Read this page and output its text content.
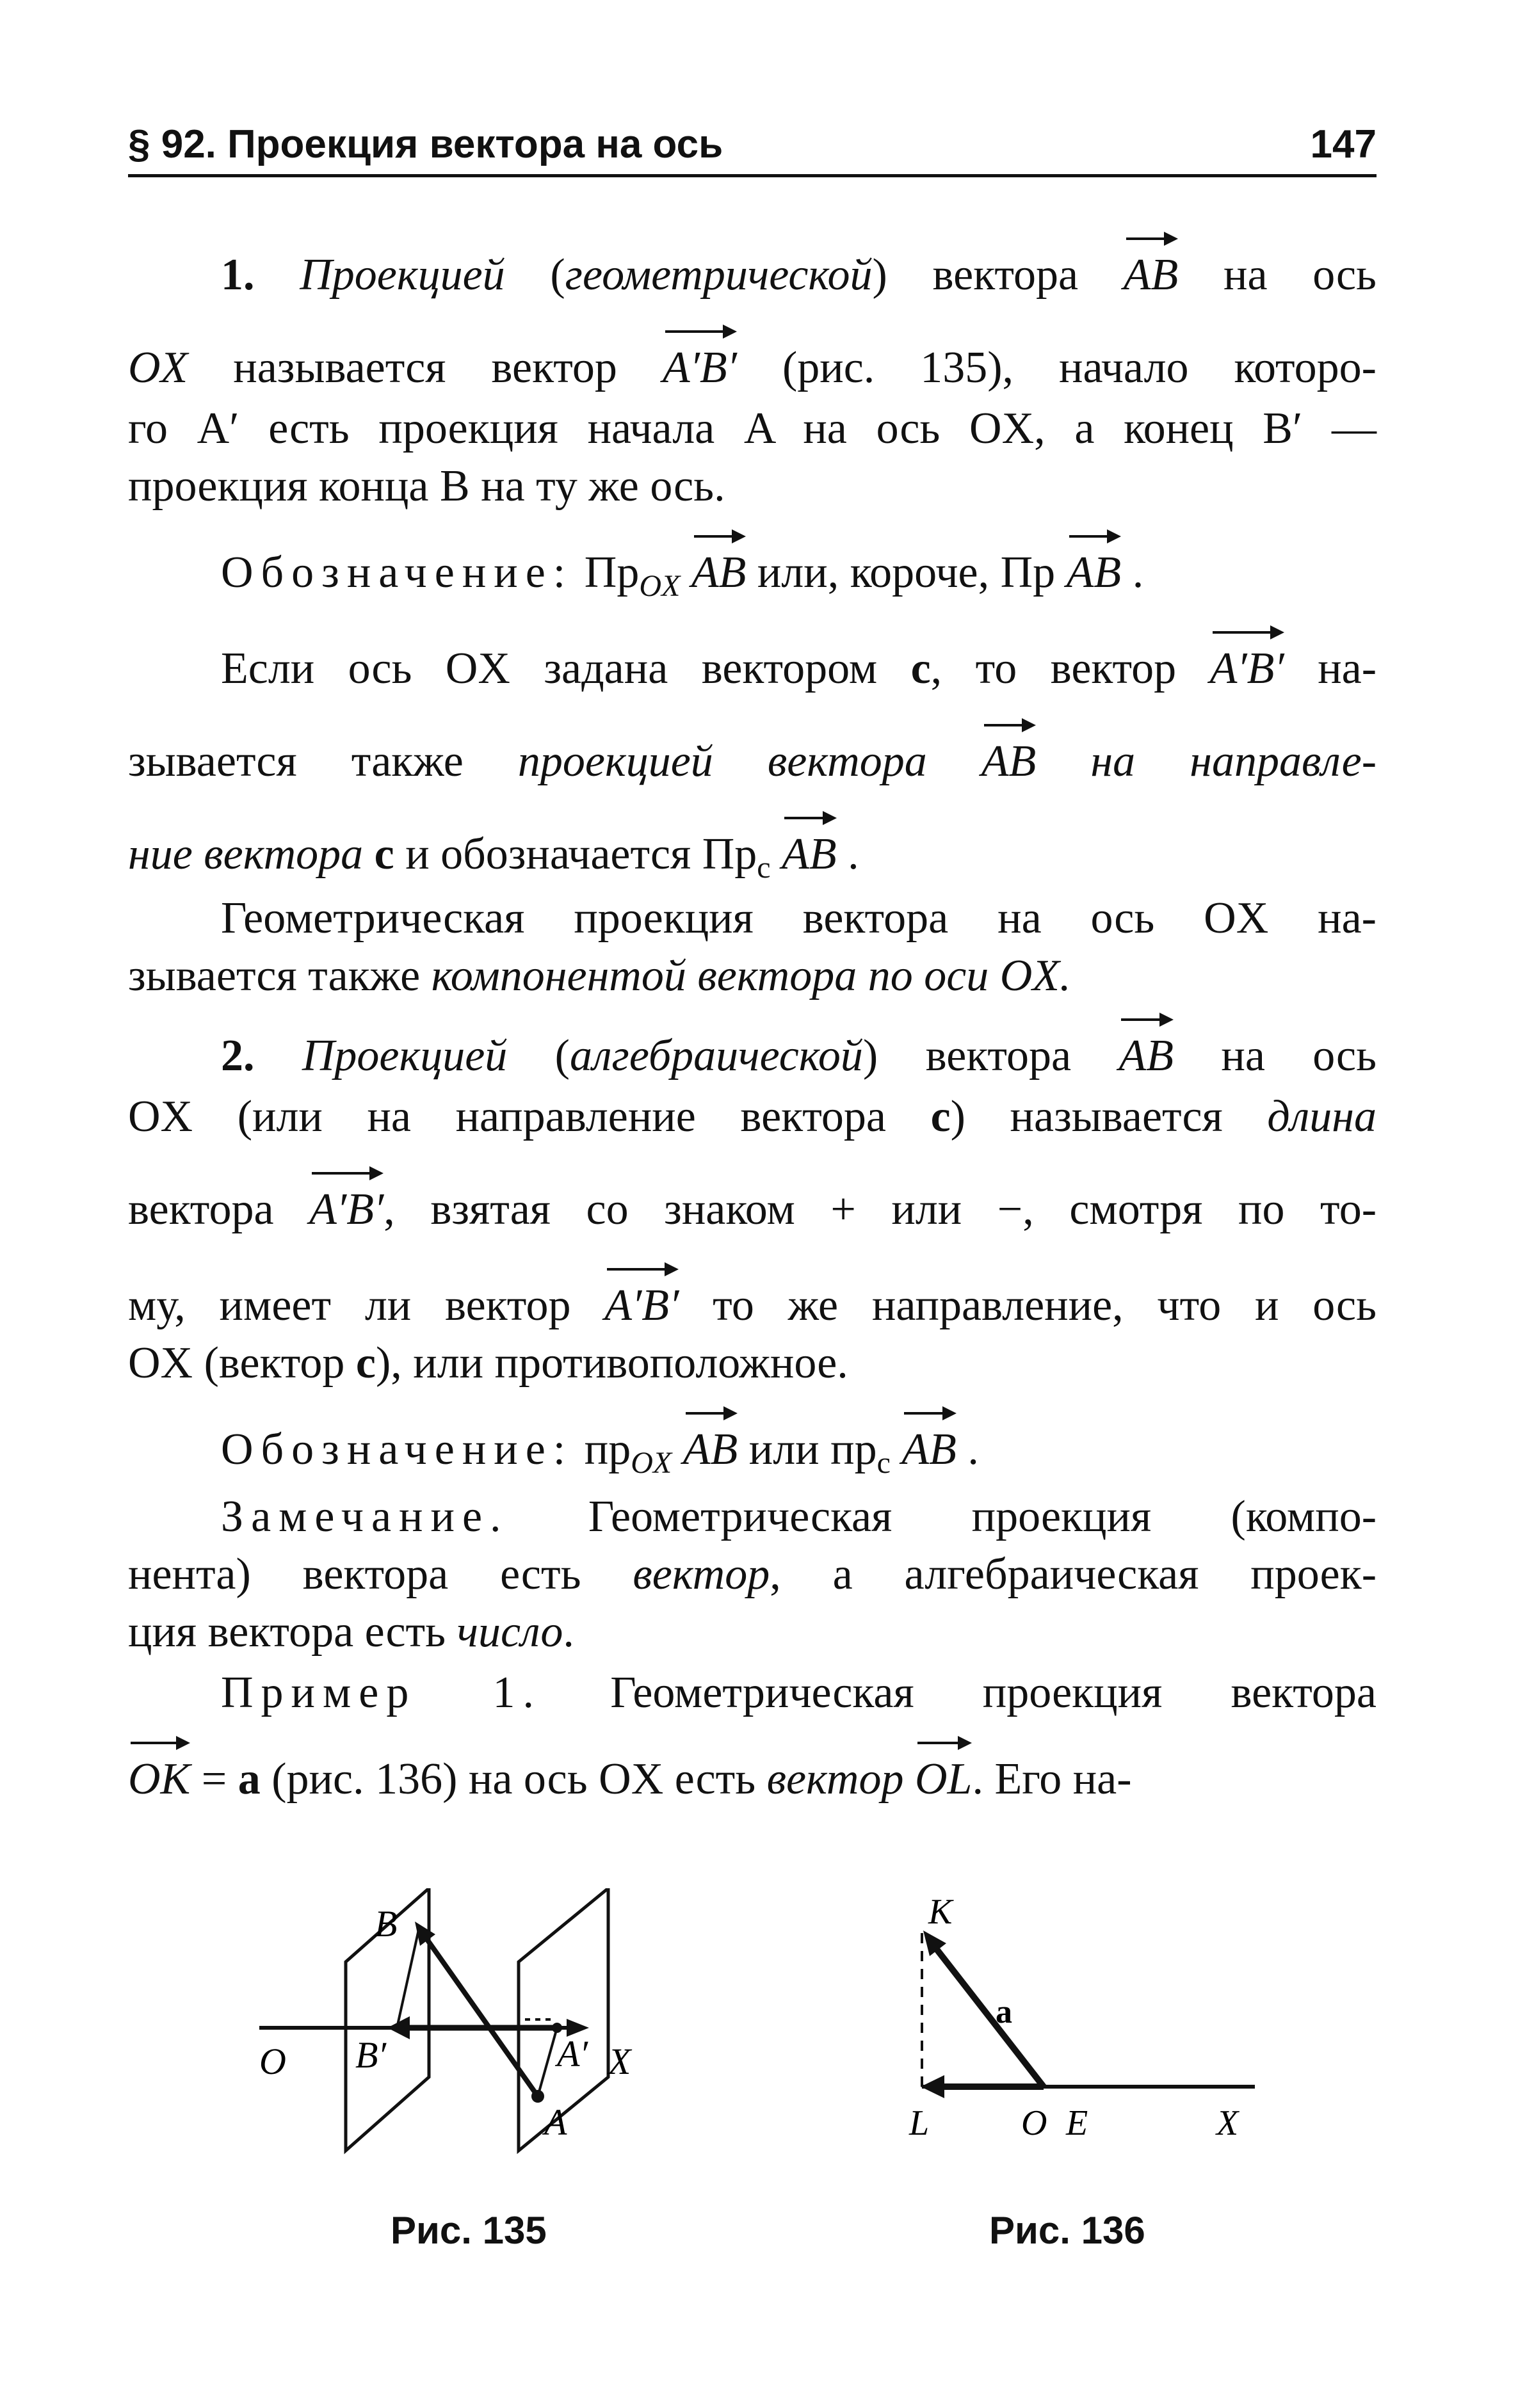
§ 92. Проекция вектора на ось	147
1. Проекцией (геометрической) вектора AB на ось
OX называется вектор A′B′ (рис. 135), начало которо-
го A′ есть проекция начала A на ось OX, а конец B′ —
проекция конца B на ту же ось.
Обозначение: $Пр_{OX}$ AB или, короче, Пр AB .
Если ось OX задана вектором c, то вектор A′B′ на-
зывается также проекцией вектора AB на направле-
ние вектора c и обозначается $Пр_c$ AB .
Геометрическая проекция вектора на ось OX на-
зывается также компонентой вектора по оси OX.
2. Проекцией (алгебраической) вектора AB на ось
OX (или на направление вектора c) называется длина
вектора A′B′, взятая со знаком + или −, смотря по то-
му, имеет ли вектор A′B′ то же направление, что и ось
OX (вектор c), или противоположное.
Обозначение: $пр_{OX}$ AB или $пр_c$ AB .
Замечание. Геометрическая проекция (компо-
нента) вектора есть вектор, а алгебраическая проек-
ция вектора есть число.
Пример 1. Геометрическая проекция вектора
OK = a (рис. 136) на ось OX есть вектор OL. Его на-
O	X
B
B′	A′
A
Рис. 135
K
a
L	O E	X
Рис. 136
